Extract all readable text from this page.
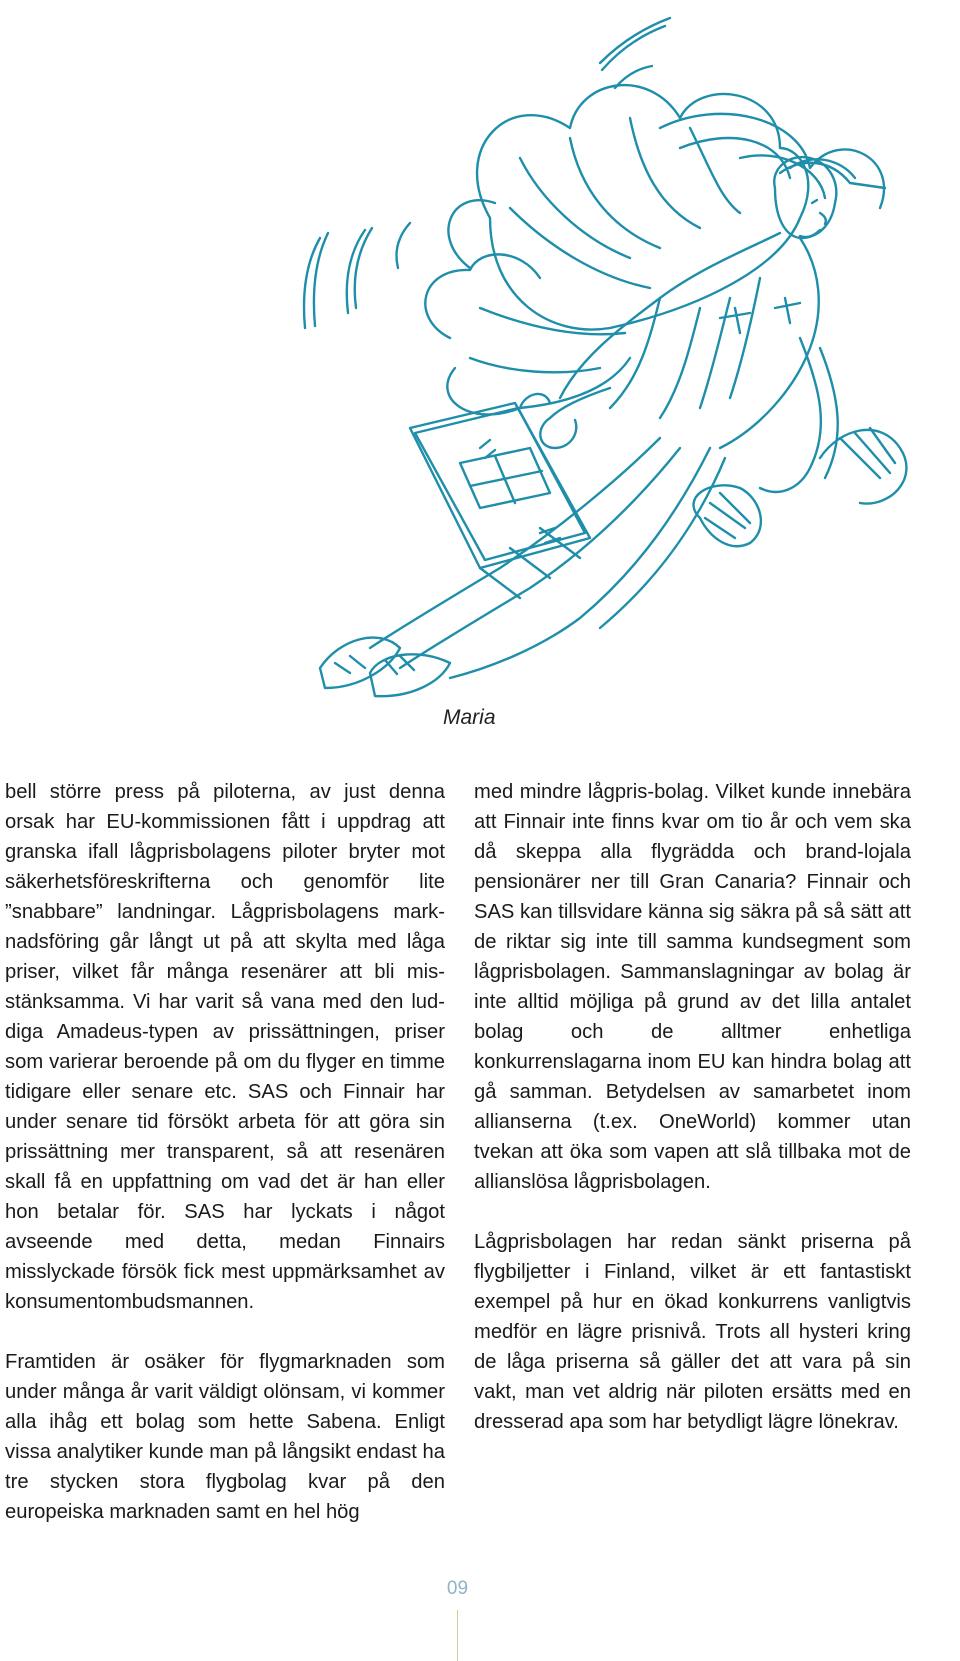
Maria

bell större press på piloterna, av just denna orsak har EU-kommissionen fått i uppdrag att granska ifall lågprisbolagens piloter bryter mot säkerhetsföreskrifterna och genomför lite ”snabbare” landningar. Lågprisbolagens marknadsföring går långt ut på att skylta med låga priser, vilket får många resenärer att bli misstänksamma. Vi har varit så vana med den luddiga Amadeus-typen av prissättningen, priser som varierar beroende på om du flyger en timme tidigare eller senare etc. SAS och Finnair har under senare tid försökt arbeta för att göra sin prissättning mer transparent, så att resenären skall få en uppfattning om vad det är han eller hon betalar för. SAS har lyckats i något avseende med detta, medan Finnairs misslyckade försök fick mest uppmärksamhet av konsumentombudsmannen.

Framtiden är osäker för flygmarknaden som under många år varit väldigt olönsam, vi kommer alla ihåg ett bolag som hette Sabena. Enligt vissa analytiker kunde man på långsikt endast ha tre stycken stora flygbolag kvar på den europeiska marknaden samt en hel hög

med mindre lågpris-bolag. Vilket kunde innebära att Finnair inte finns kvar om tio år och vem ska då skeppa alla flygrädda och brand-lojala pensionärer ner till Gran Canaria? Finnair och SAS kan tillsvidare känna sig säkra på så sätt att de riktar sig inte till samma kundsegment som lågprisbolagen. Sammanslagningar av bolag är inte alltid möjliga på grund av det lilla antalet bolag och de alltmer enhetliga konkurrenslagarna inom EU kan hindra bolag att gå samman. Betydelsen av samarbetet inom allianserna (t.ex. OneWorld) kommer utan tvekan att öka som vapen att slå tillbaka mot de allianslösa lågprisbolagen.

Lågprisbolagen har redan sänkt priserna på flygbiljetter i Finland, vilket är ett fantastiskt exempel på hur en ökad konkurrens vanligtvis medför en lägre prisnivå. Trots all hysteri kring de låga priserna så gäller det att vara på sin vakt, man vet aldrig när piloten ersätts med en dresserad apa som har betydligt lägre lönekrav.

09
